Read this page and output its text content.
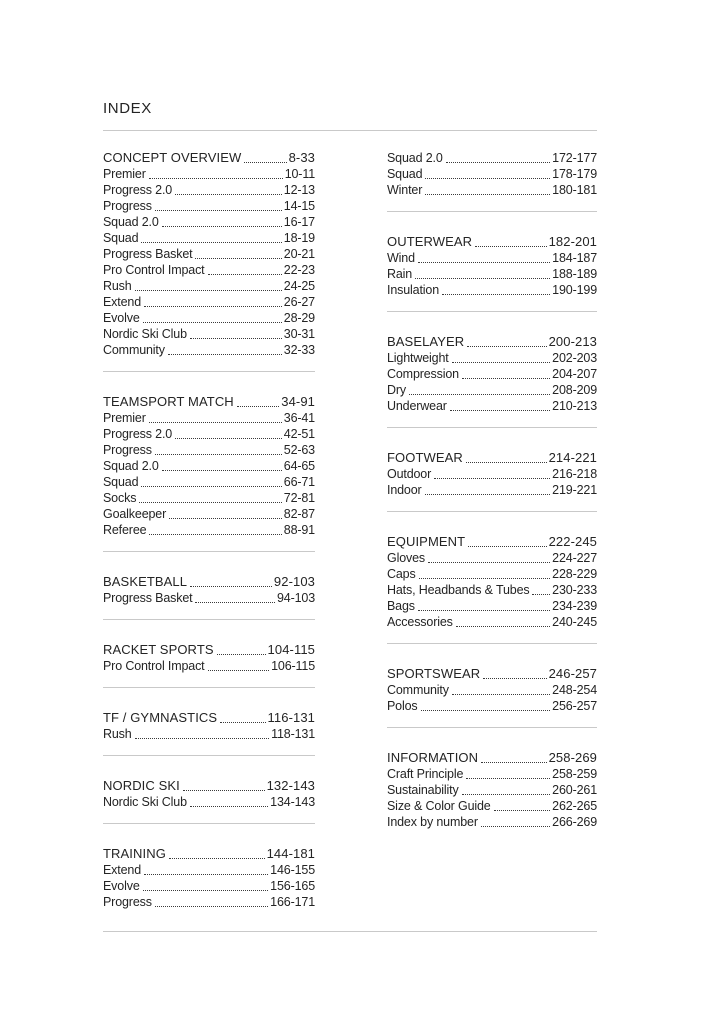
INDEX
CONCEPT OVERVIEW	8-33
Premier	10-11
Progress 2.0	12-13
Progress	14-15
Squad 2.0	16-17
Squad	18-19
Progress Basket	20-21
Pro Control Impact	22-23
Rush	24-25
Extend	26-27
Evolve	28-29
Nordic Ski Club	30-31
Community	32-33
TEAMSPORT MATCH	34-91
Premier	36-41
Progress 2.0	42-51
Progress	52-63
Squad 2.0	64-65
Squad	66-71
Socks	72-81
Goalkeeper	82-87
Referee	88-91
BASKETBALL	92-103
Progress Basket	94-103
RACKET SPORTS	104-115
Pro Control Impact	106-115
TF / GYMNASTICS	116-131
Rush	118-131
NORDIC SKI	132-143
Nordic Ski Club	134-143
TRAINING	144-181
Extend	146-155
Evolve	156-165
Progress	166-171
Squad 2.0	172-177
Squad	178-179
Winter	180-181
OUTERWEAR	182-201
Wind	184-187
Rain	188-189
Insulation	190-199
BASELAYER	200-213
Lightweight	202-203
Compression	204-207
Dry	208-209
Underwear	210-213
FOOTWEAR	214-221
Outdoor	216-218
Indoor	219-221
EQUIPMENT	222-245
Gloves	224-227
Caps	228-229
Hats, Headbands & Tubes 230-233
Bags	234-239
Accessories	240-245
SPORTSWEAR	246-257
Community	248-254
Polos	256-257
INFORMATION	258-269
Craft Principle	258-259
Sustainability	260-261
Size & Color Guide	262-265
Index by number	266-269
